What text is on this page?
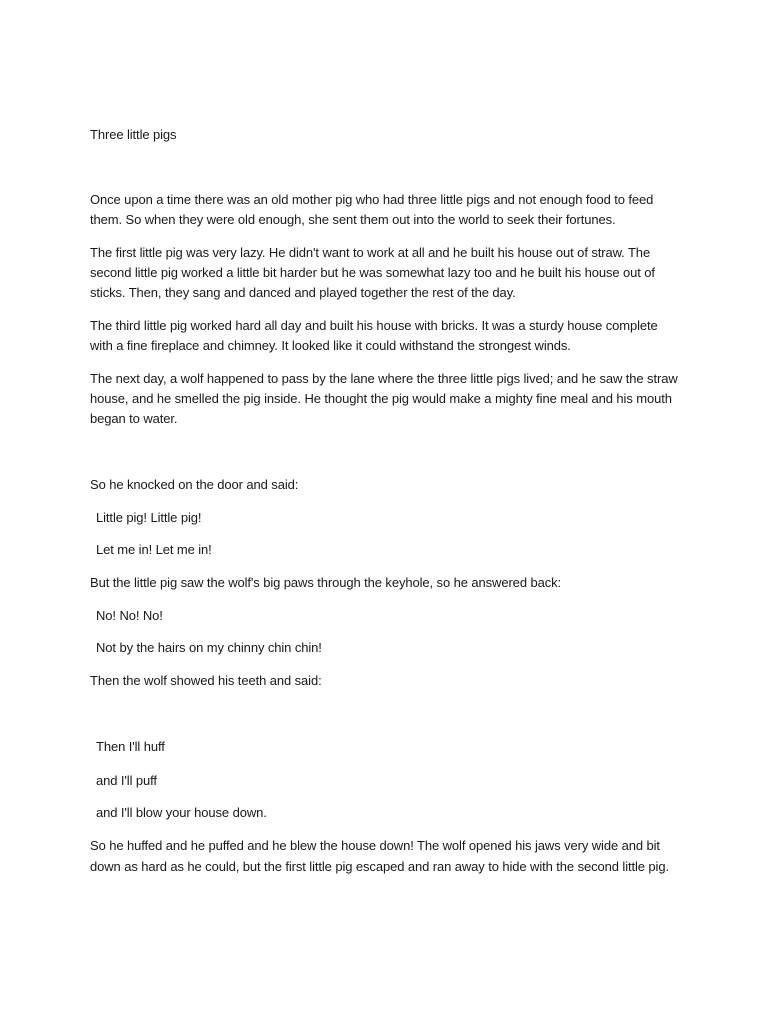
Three little pigs

Once upon a time there was an old mother pig who had three little pigs and not enough food to feed

them. So when they were old enough, she sent them out into the world to seek their fortunes.

The first little pig was very lazy. He didn't want to work at all and he built his house out of straw. The

second little pig worked a little bit harder but he was somewhat lazy too and he built his house out of

sticks. Then, they sang and danced and played together the rest of the day.

The third little pig worked hard all day and built his house with bricks. It was a sturdy house complete

with a fine fireplace and chimney. It looked like it could withstand the strongest winds.

The next day, a wolf happened to pass by the lane where the three little pigs lived; and he saw the straw

house, and he smelled the pig inside. He thought the pig would make a mighty fine meal and his mouth

began to water.

So he knocked on the door and said:

Little pig! Little pig!

Let me in! Let me in!

But the little pig saw the wolf's big paws through the keyhole, so he answered back:

No! No! No!

Not by the hairs on my chinny chin chin!

Then the wolf showed his teeth and said:

Then I'll huff

and I'll puff

and I'll blow your house down.

So he huffed and he puffed and he blew the house down! The wolf opened his jaws very wide and bit

down as hard as he could, but the first little pig escaped and ran away to hide with the second little pig.
